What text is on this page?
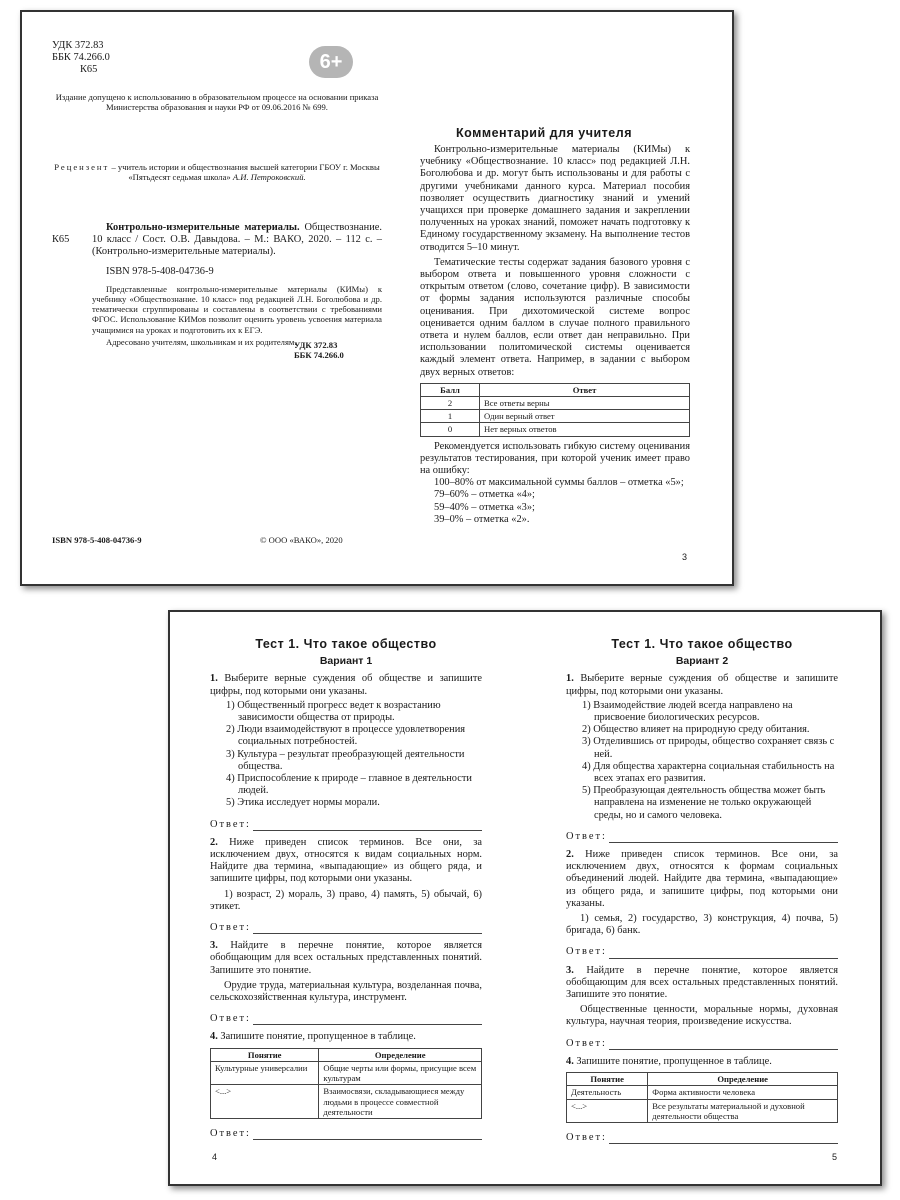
УДК 372.83
ББК 74.266.0
К65	6+
Издание допущено к использованию в образовательном процессе на основании приказа Министерства образования и науки РФ от 09.06.2016 № 699.
Рецензент – учитель истории и обществознания высшей категории ГБОУ г. Москвы «Пятьдесят седьмая школа» А.И. Петроковский.
К65
Контрольно-измерительные материалы. Обществознание. 10 класс / Сост. О.В. Давыдова. – М.: ВАКО, 2020. – 112 с. – (Контрольно-измерительные материалы).
ISBN 978-5-408-04736-9
Представленные контрольно-измерительные материалы (КИМы) к учебнику «Обществознание. 10 класс» под редакцией Л.Н. Боголюбова и др. тематически сгруппированы и составлены в соответствии с требованиями ФГОС. Использование КИМов позволит оценить уровень усвоения материала учащимися на уроках и подготовить их к ЕГЭ.
Адресовано учителям, школьникам и их родителям.
УДК 372.83
ББК 74.266.0
ISBN 978-5-408-04736-9	© ООО «ВАКО», 2020
Комментарий для учителя

Контрольно-измерительные материалы (КИМы) к учебнику «Обществознание. 10 класс» под редакцией Л.Н. Боголюбова и др. могут быть использованы и для работы с другими учебниками данного курса. Материал пособия позволяет осуществить диагностику знаний и умений учащихся при проверке домашнего задания и закреплении полученных на уроках знаний, поможет начать подготовку к Единому государственному экзамену. На выполнение тестов отводится 5–10 минут.

Тематические тесты содержат задания базового уровня с выбором ответа и повышенного уровня сложности с открытым ответом (слово, сочетание цифр). В зависимости от формы задания используются различные способы оценивания. При дихотомической системе вопрос оценивается одним баллом в случае полного правильного ответа и нулем баллов, если ответ дан неправильно. При использовании политомической системы оценивается каждый элемент ответа. Например, в задании с выбором двух верных ответов:

Балл	Ответ
2	Все ответы верны
1	Один верный ответ
0	Нет верных ответов

Рекомендуется использовать гибкую систему оценивания результатов тестирования, при которой ученик имеет право на ошибку:

100–80% от максимальной суммы баллов – отметка «5»;
79–60% – отметка «4»;
59–40% – отметка «3»;
39–0% – отметка «2».
3
Тест 1. Что такое общество
Вариант 1

1. Выберите верные суждения об обществе и запишите цифры, под которыми они указаны.

1) Общественный прогресс ведет к возрастанию зависимости общества от природы.
2) Люди взаимодействуют в процессе удовлетворения социальных потребностей.
3) Культура – результат преобразующей деятельности общества.
4) Приспособление к природе – главное в деятельности людей.
5) Этика исследует нормы морали.
Ответ:

2. Ниже приведен список терминов. Все они, за исключением двух, относятся к видам социальных норм. Найдите два термина, «выпадающие» из общего ряда, и запишите цифры, под которыми они указаны.

1) возраст, 2) мораль, 3) право, 4) память, 5) обычай, 6) этикет.

Ответ:

3. Найдите в перечне понятие, которое является обобщающим для всех остальных представленных понятий. Запишите это понятие.

Орудие труда, материальная культура, возделанная почва, сельскохозяйственная культура, инструмент.

Ответ:

4. Запишите понятие, пропущенное в таблице.

Понятие	Определение
Культурные универсалии	Общие черты или формы, присущие всем культурам
<...>	Взаимосвязи, складывающиеся между людьми в процессе совместной деятельности
Ответ:
4
Тест 1. Что такое общество
Вариант 2

1. Выберите верные суждения об обществе и запишите цифры, под которыми они указаны.

1) Взаимодействие людей всегда направлено на присвоение биологических ресурсов.
2) Общество влияет на природную среду обитания.
3) Отделившись от природы, общество сохраняет связь с ней.
4) Для общества характерна социальная стабильность на всех этапах его развития.
5) Преобразующая деятельность общества может быть направлена на изменение не только окружающей среды, но и самого человека.
Ответ:

2. Ниже приведен список терминов. Все они, за исключением двух, относятся к формам социальных объединений людей. Найдите два термина, «выпадающие» из общего ряда, и запишите цифры, под которыми они указаны.

1) семья, 2) государство, 3) конструкция, 4) почва, 5) бригада, 6) банк.

Ответ:

3. Найдите в перечне понятие, которое является обобщающим для всех остальных представленных понятий. Запишите это понятие.

Общественные ценности, моральные нормы, духовная культура, научная теория, произведение искусства.

Ответ:

4. Запишите понятие, пропущенное в таблице.

Понятие	Определение
Деятельность	Форма активности человека
<...>	Все результаты материальной и духовной деятельности общества
Ответ:
5
